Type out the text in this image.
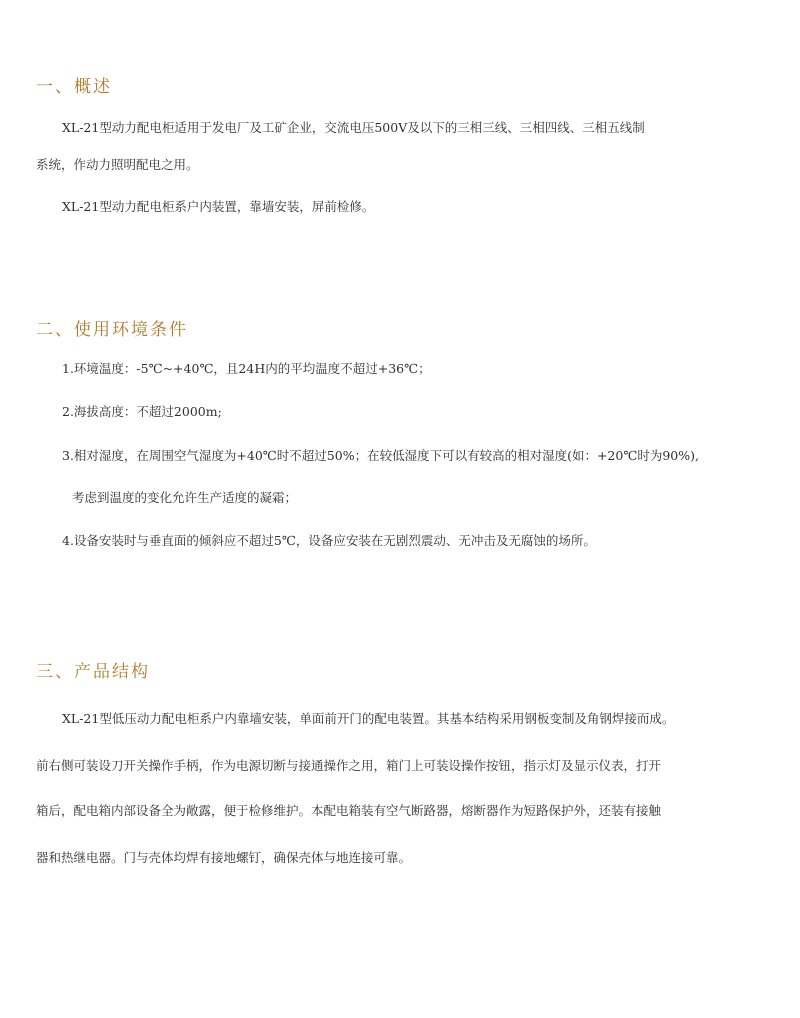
一、概述

XL-21型动力配电柜适用于发电厂及工矿企业，交流电压500V及以下的三相三线、三相四线、三相五线制

系统，作动力照明配电之用。

XL-21型动力配电柜系户内装置，靠墙安装，屏前检修。

二、使用环境条件

1.环境温度：-5℃~+40℃，且24H内的平均温度不超过+36℃；

2.海拔高度：不超过2000m;

3.相对湿度，在周围空气湿度为+40℃时不超过50%；在较低湿度下可以有较高的相对湿度(如：+20℃时为90%),

考虑到温度的变化允许生产适度的凝霜；

4.设备安装时与垂直面的倾斜应不超过5℃，设备应安装在无剧烈震动、无冲击及无腐蚀的场所。

三、产品结构

XL-21型低压动力配电柜系户内靠墙安装，单面前开门的配电装置。其基本结构采用钢板变制及角钢焊接而成。

前右侧可装设刀开关操作手柄，作为电源切断与接通操作之用，箱门上可装设操作按钮，指示灯及显示仪表，打开

箱后，配电箱内部设备全为敞露，便于检修维护。本配电箱装有空气断路器，熔断器作为短路保护外，还装有接触

器和热继电器。门与壳体均焊有接地螺钉，确保壳体与地连接可靠。
